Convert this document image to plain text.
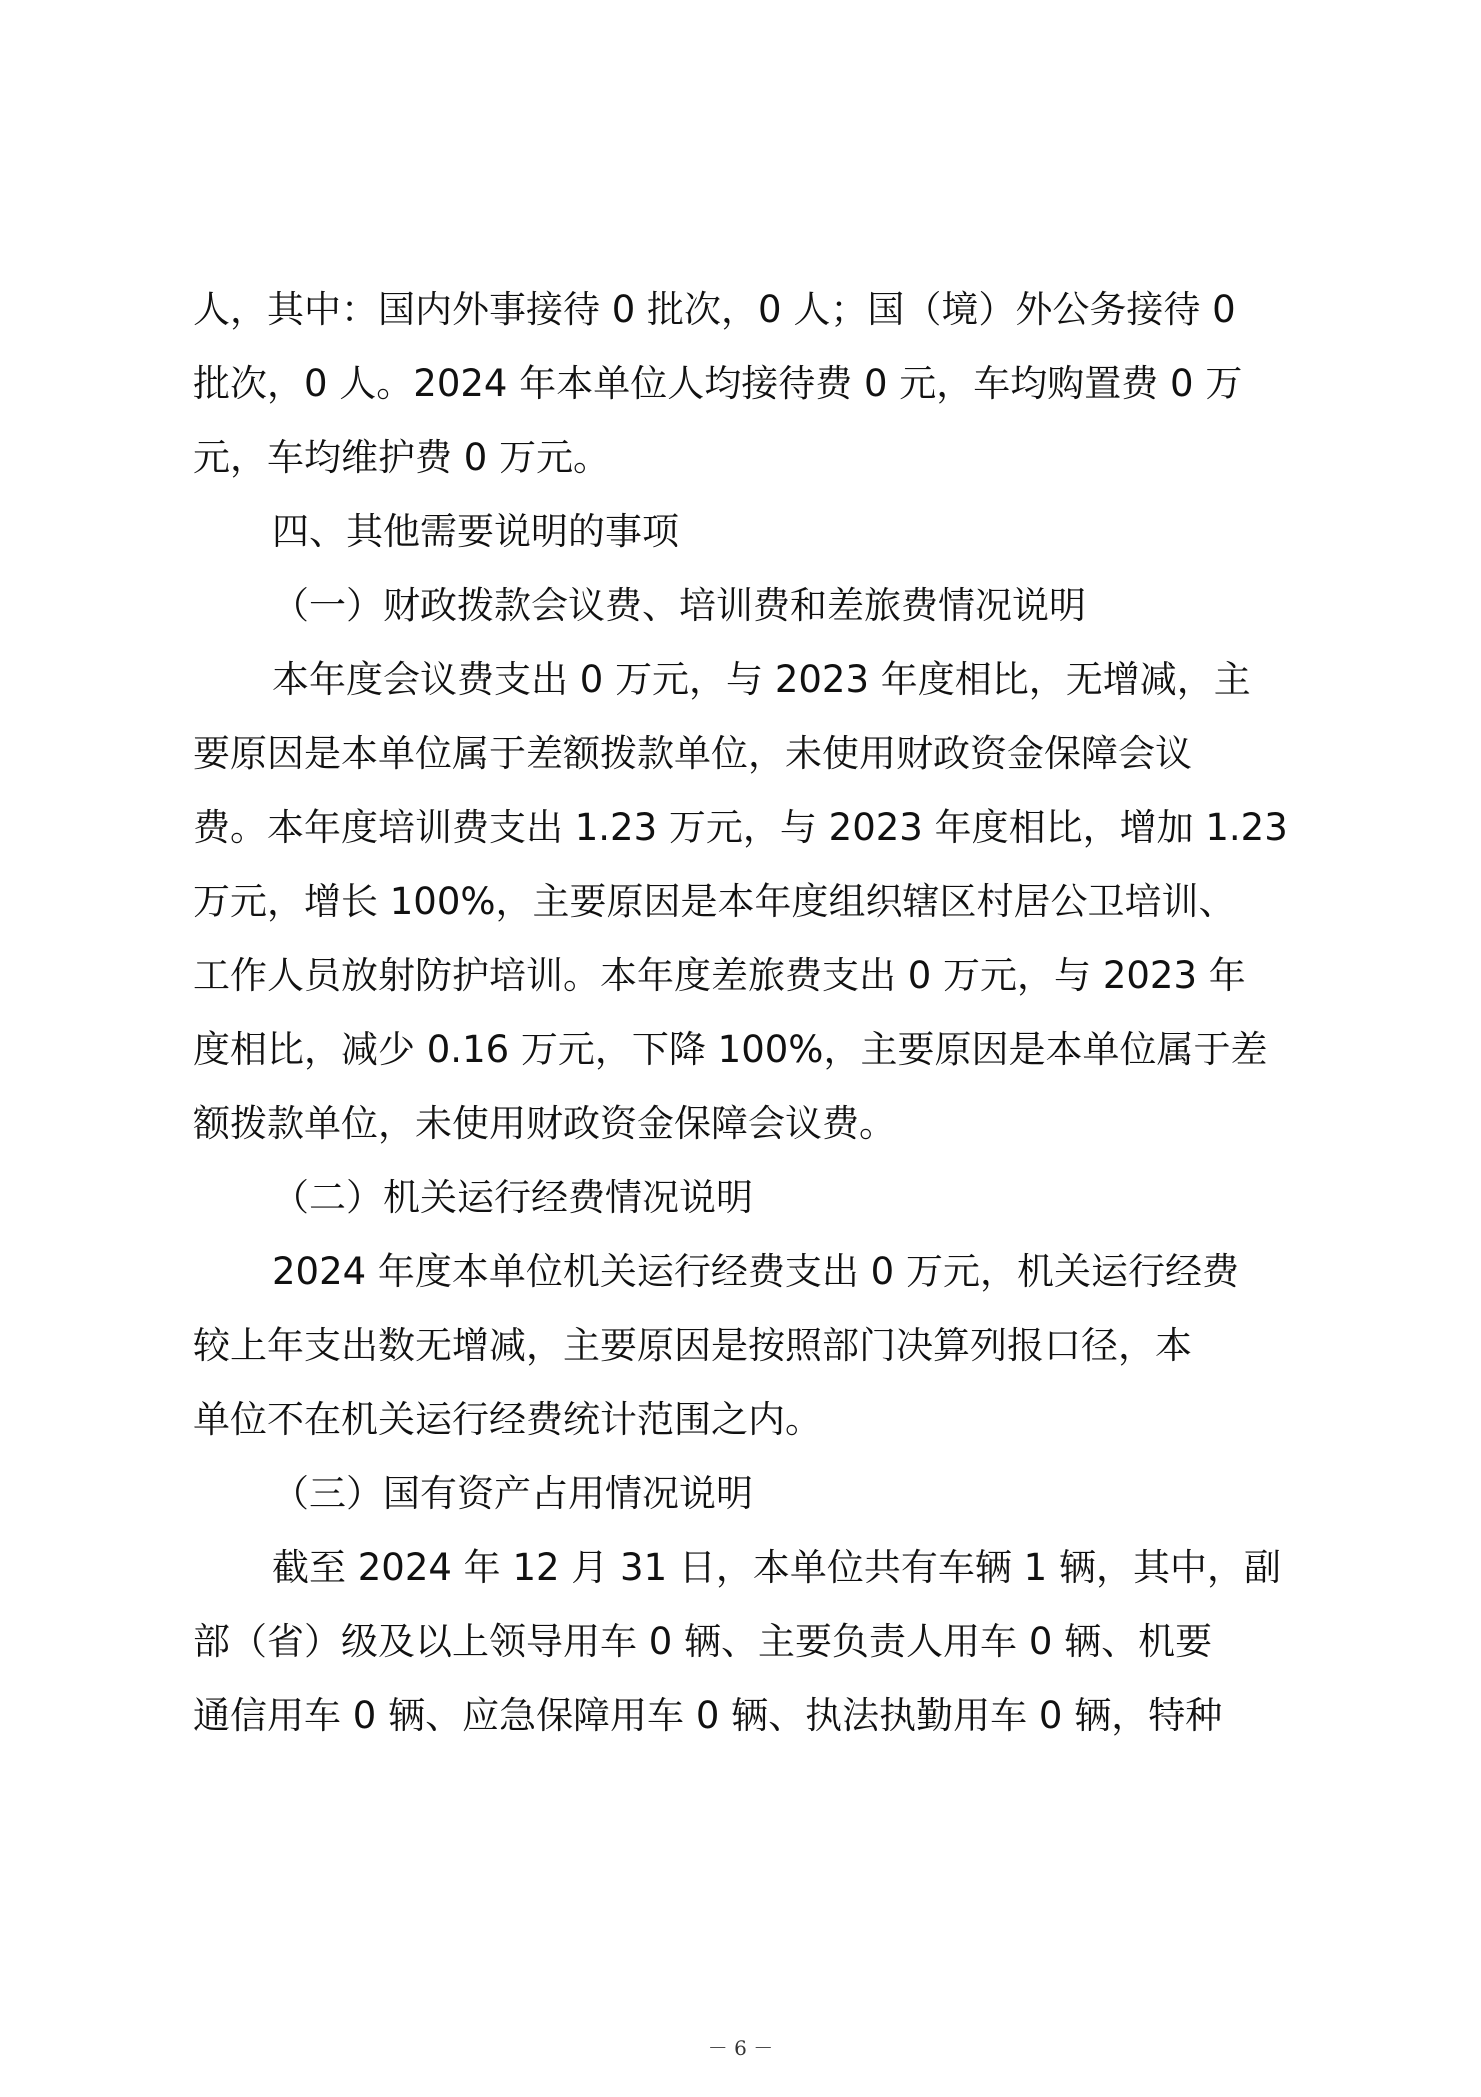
人，其中：国内外事接待 0 批次，0 人；国（境）外公务接待 0
批次，0 人。2024 年本单位人均接待费 0 元，车均购置费 0 万
元，车均维护费 0 万元。
四、其他需要说明的事项
（一）财政拨款会议费、培训费和差旅费情况说明
本年度会议费支出 0 万元，与 2023 年度相比，无增减，主
要原因是本单位属于差额拨款单位，未使用财政资金保障会议
费。本年度培训费支出 1.23 万元，与 2023 年度相比，增加 1.23
万元，增长 100%，主要原因是本年度组织辖区村居公卫培训、
工作人员放射防护培训。本年度差旅费支出 0 万元，与 2023 年
度相比，减少 0.16 万元，下降 100%，主要原因是本单位属于差
额拨款单位，未使用财政资金保障会议费。
（二）机关运行经费情况说明
2024 年度本单位机关运行经费支出 0 万元，机关运行经费
较上年支出数无增减，主要原因是按照部门决算列报口径，本
单位不在机关运行经费统计范围之内。
（三）国有资产占用情况说明
截至 2024 年 12 月 31 日，本单位共有车辆 1 辆，其中，副
部（省）级及以上领导用车 0 辆、主要负责人用车 0 辆、机要
通信用车 0 辆、应急保障用车 0 辆、执法执勤用车 0 辆，特种
－ 6 －
